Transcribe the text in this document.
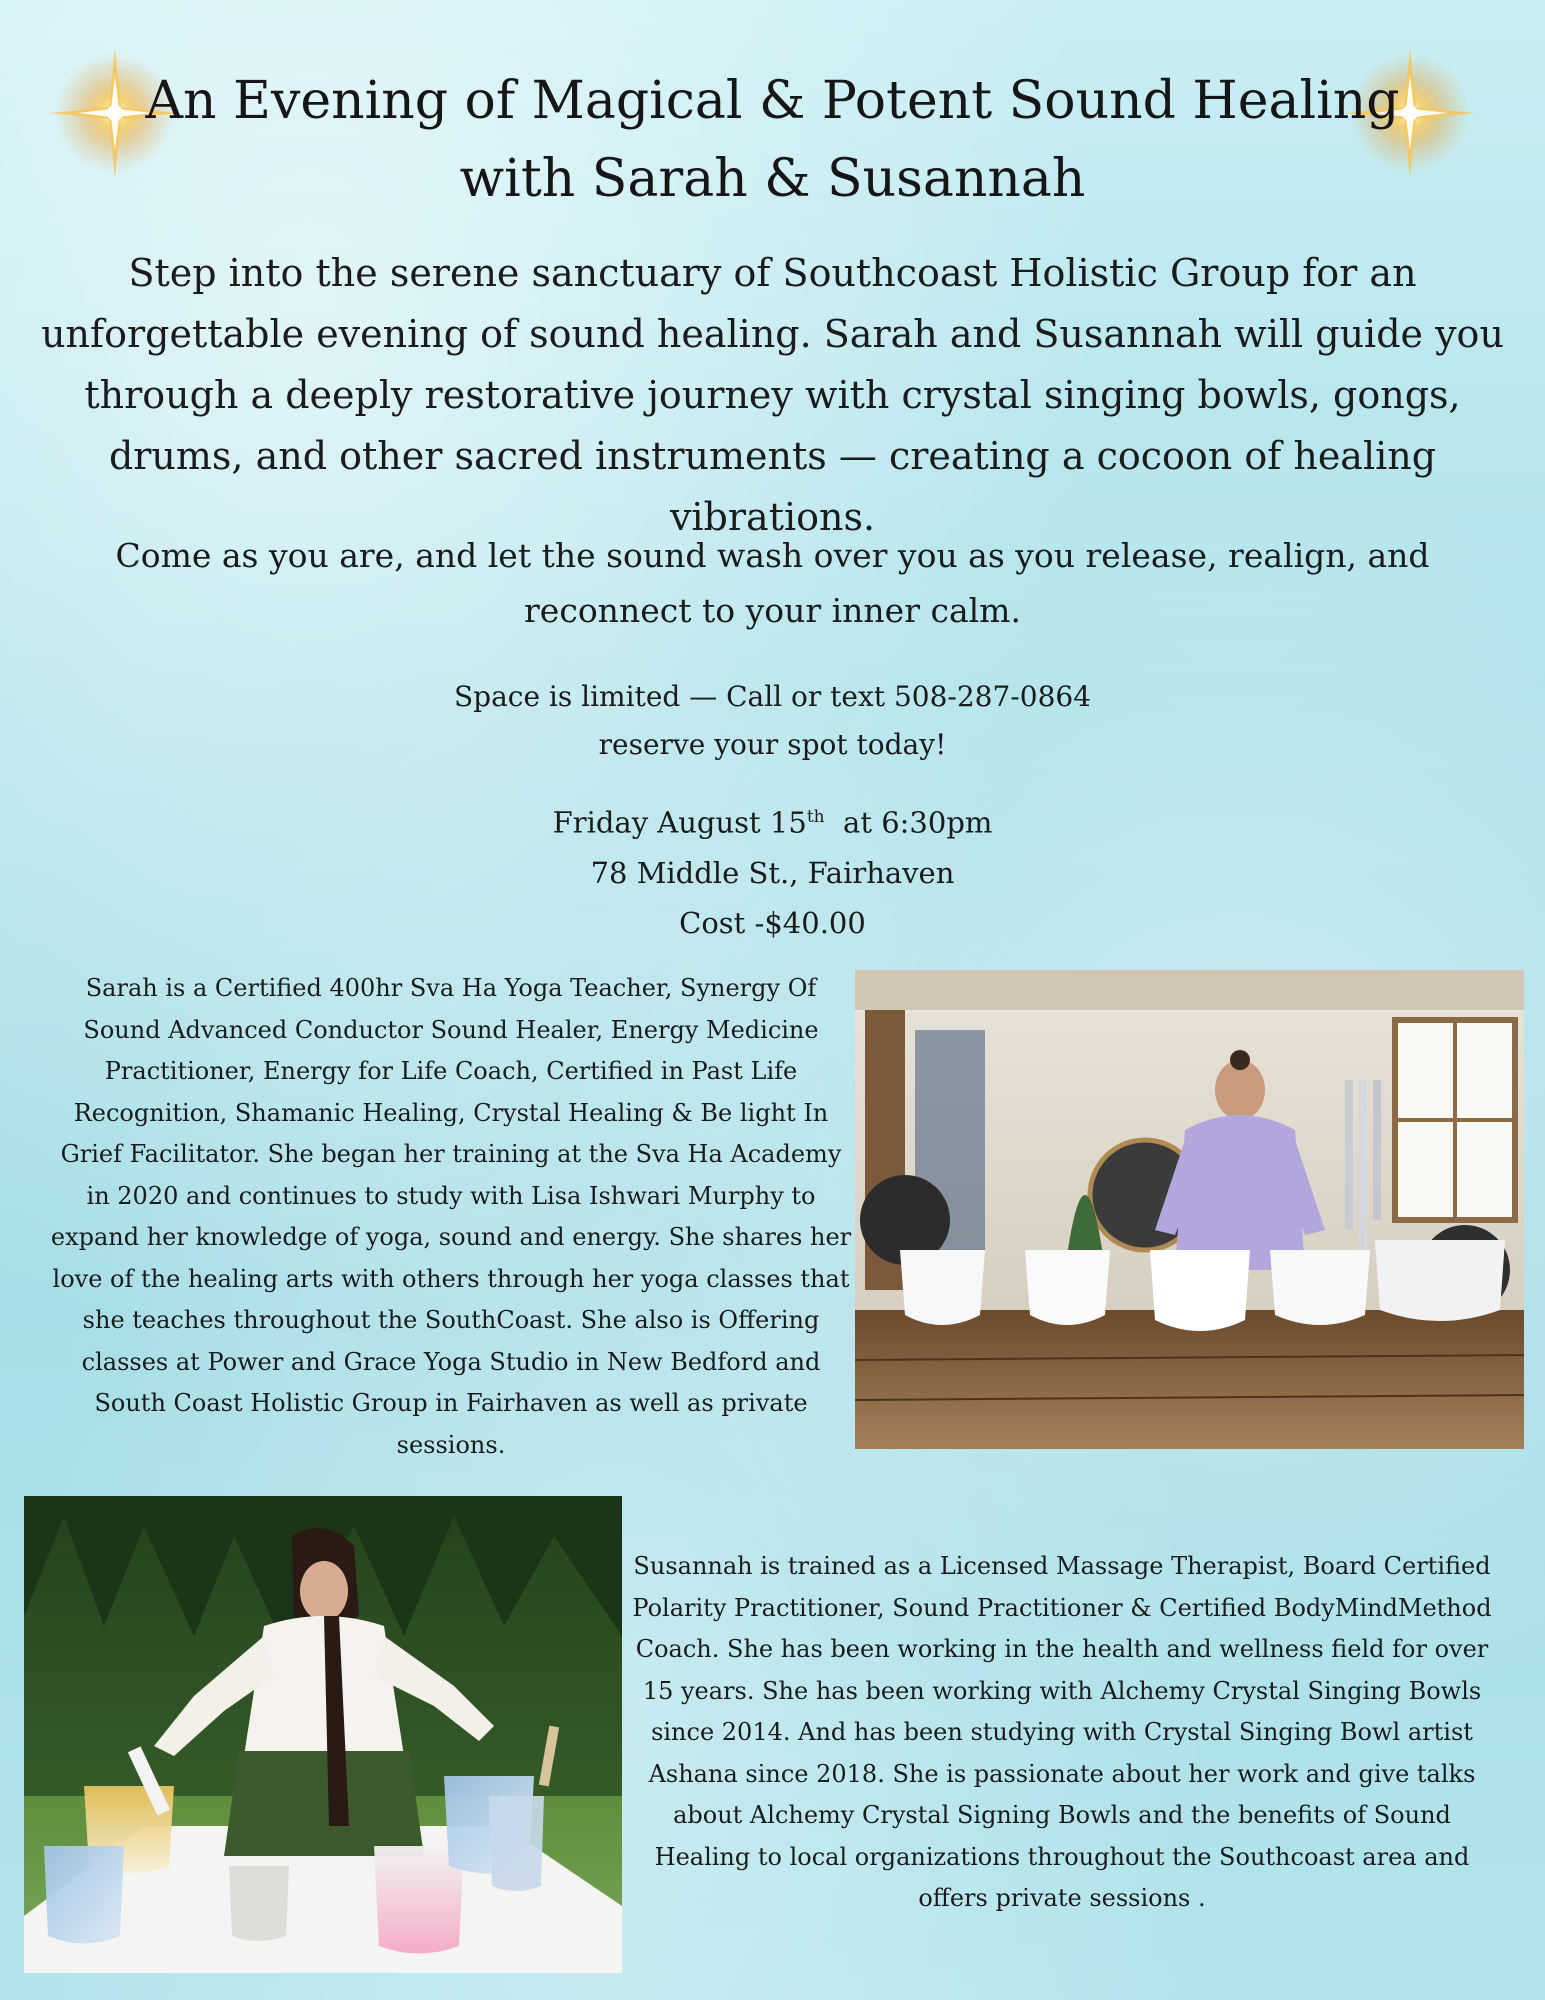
An Evening of Magical & Potent Sound Healing
with Sarah & Susannah
Step into the serene sanctuary of Southcoast Holistic Group for an unforgettable evening of sound healing. Sarah and Susannah will guide you through a deeply restorative journey with crystal singing bowls, gongs, drums, and other sacred instruments — creating a cocoon of healing vibrations.
Come as you are, and let the sound wash over you as you release, realign, and reconnect to your inner calm.
Space is limited — Call or text 508-287-0864
reserve your spot today!
Friday August 15th  at 6:30pm
78 Middle St., Fairhaven
Cost -$40.00
Sarah is a Certified 400hr Sva Ha Yoga Teacher, Synergy Of Sound Advanced Conductor Sound Healer, Energy Medicine Practitioner, Energy for Life Coach, Certified in Past Life Recognition, Shamanic Healing, Crystal Healing & Be light In Grief Facilitator. She began her training at the Sva Ha Academy in 2020 and continues to study with Lisa Ishwari Murphy to expand her knowledge of yoga, sound and energy. She shares her love of the healing arts with others through her yoga classes that she teaches throughout the SouthCoast. She also is Offering classes at Power and Grace Yoga Studio in New Bedford and South Coast Holistic Group in Fairhaven as well as private sessions.
Susannah is trained as a Licensed Massage Therapist, Board Certified Polarity Practitioner, Sound Practitioner & Certified BodyMindMethod Coach. She has been working in the health and wellness field for over 15 years. She has been working with Alchemy Crystal Singing Bowls since 2014. And has been studying with Crystal Singing Bowl artist Ashana since 2018. She is passionate about her work and give talks about Alchemy Crystal Signing Bowls and the benefits of Sound Healing to local organizations throughout the Southcoast area and offers private sessions .
